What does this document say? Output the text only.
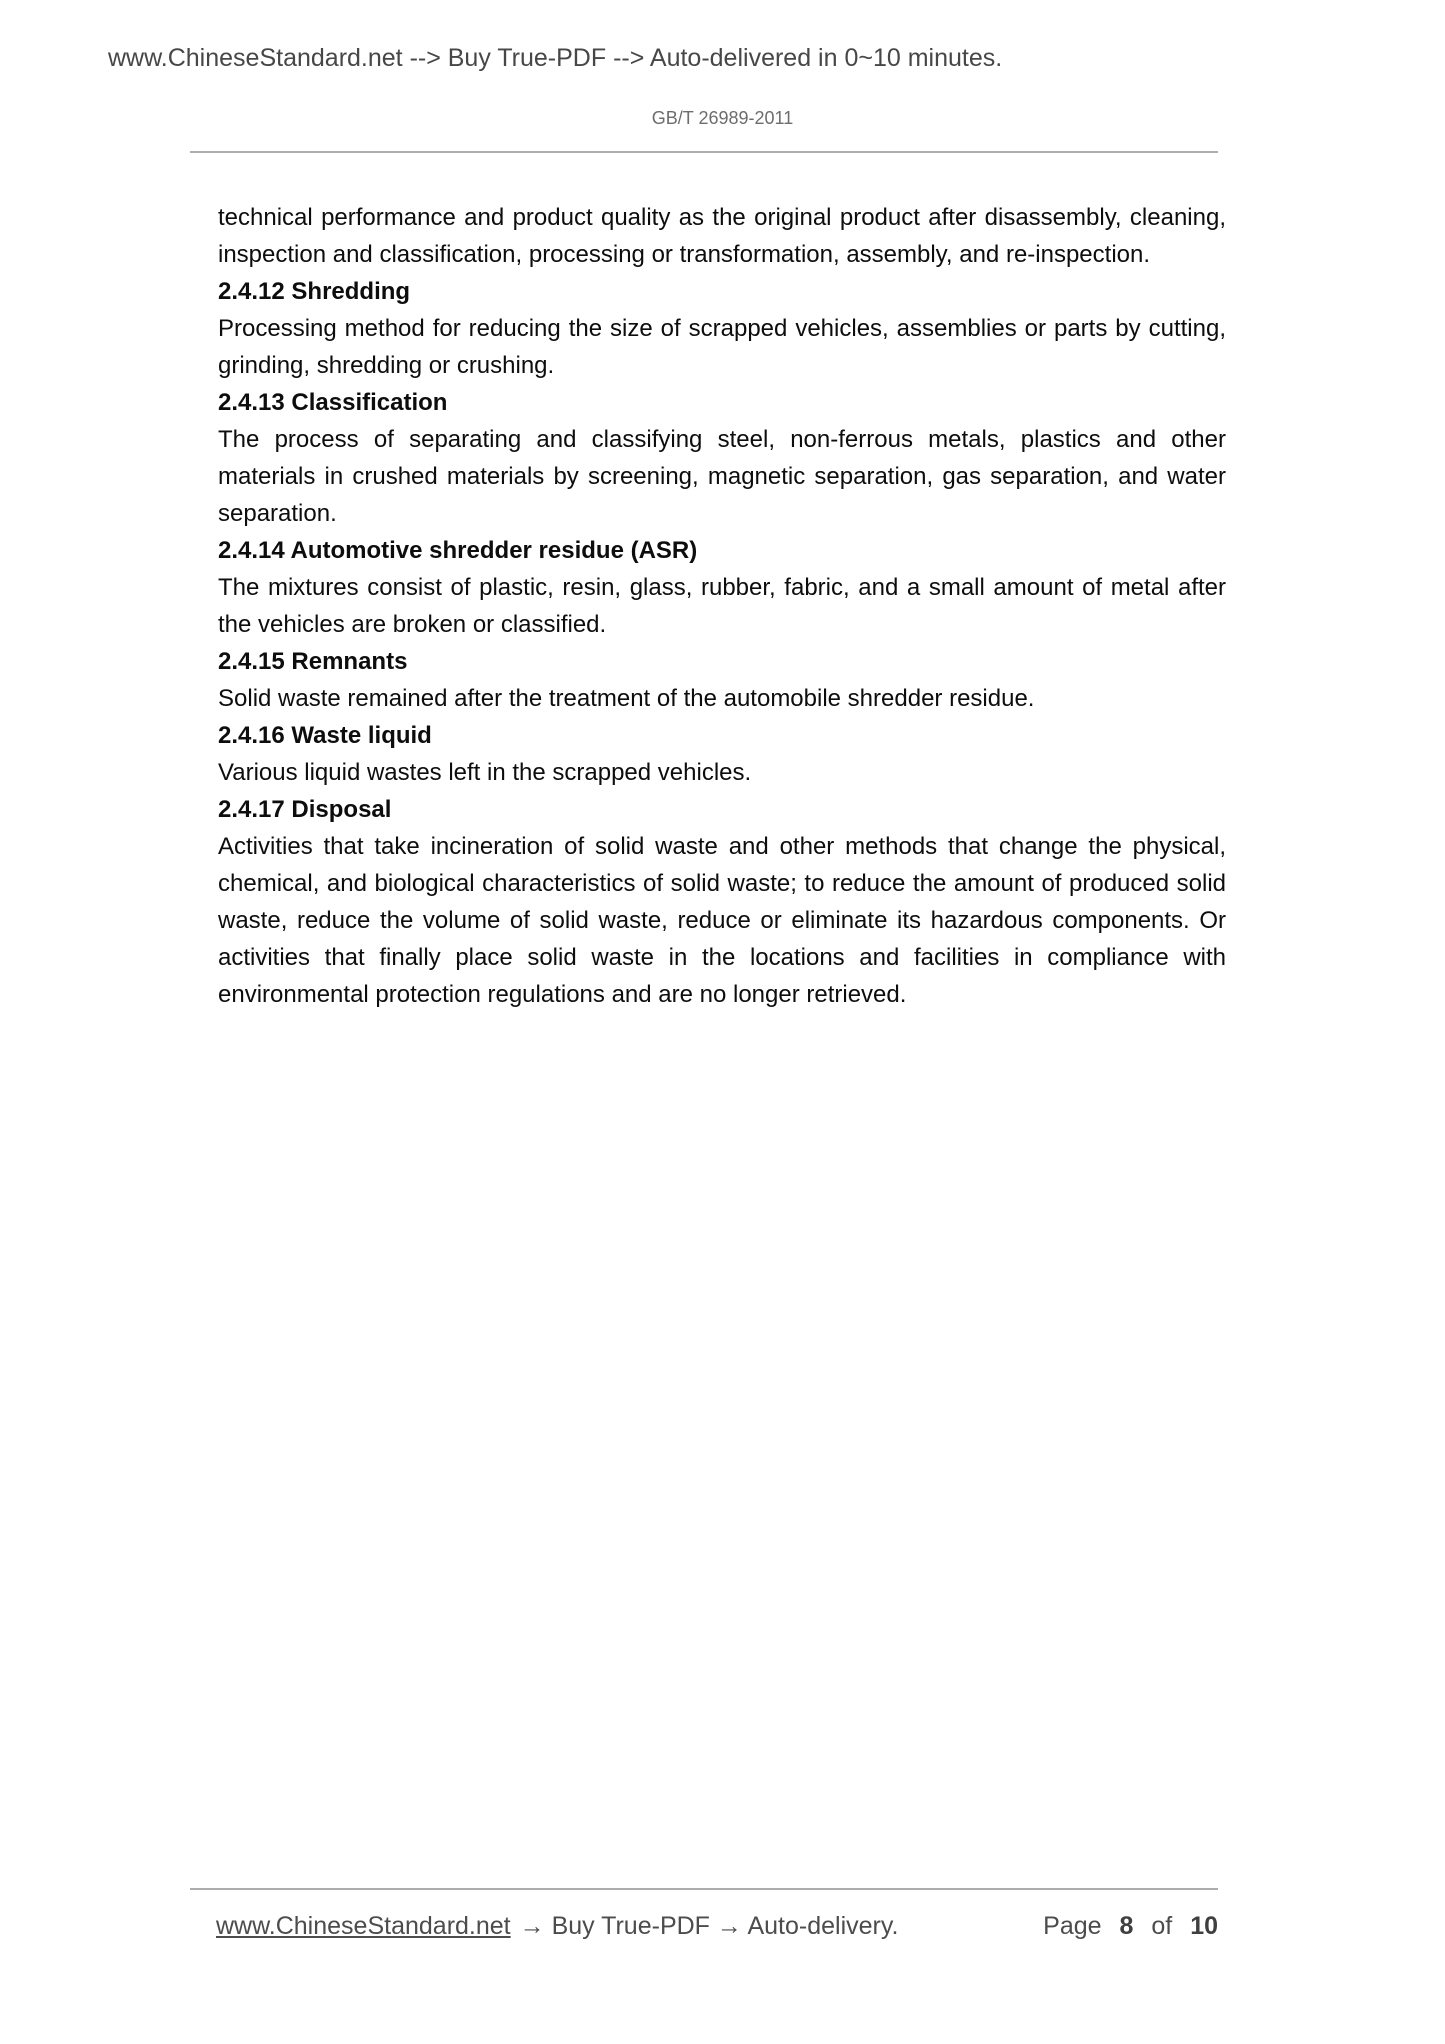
www.ChineseStandard.net --> Buy True-PDF --> Auto-delivered in 0~10 minutes.
GB/T 26989-2011

technical performance and product quality as the original product after disassembly, cleaning, inspection and classification, processing or transformation, assembly, and re-inspection.

2.4.12 Shredding

Processing method for reducing the size of scrapped vehicles, assemblies or parts by cutting, grinding, shredding or crushing.

2.4.13 Classification

The process of separating and classifying steel, non-ferrous metals, plastics and other materials in crushed materials by screening, magnetic separation, gas separation, and water separation.

2.4.14 Automotive shredder residue (ASR)

The mixtures consist of plastic, resin, glass, rubber, fabric, and a small amount of metal after the vehicles are broken or classified.

2.4.15 Remnants

Solid waste remained after the treatment of the automobile shredder residue.

2.4.16 Waste liquid

Various liquid wastes left in the scrapped vehicles.

2.4.17 Disposal

Activities that take incineration of solid waste and other methods that change the physical, chemical, and biological characteristics of solid waste; to reduce the amount of produced solid waste, reduce the volume of solid waste, reduce or eliminate its hazardous components. Or activities that finally place solid waste in the locations and facilities in compliance with environmental protection regulations and are no longer retrieved.

www.ChineseStandard.net → Buy True-PDF → Auto-delivery.	Page 8 of 10
